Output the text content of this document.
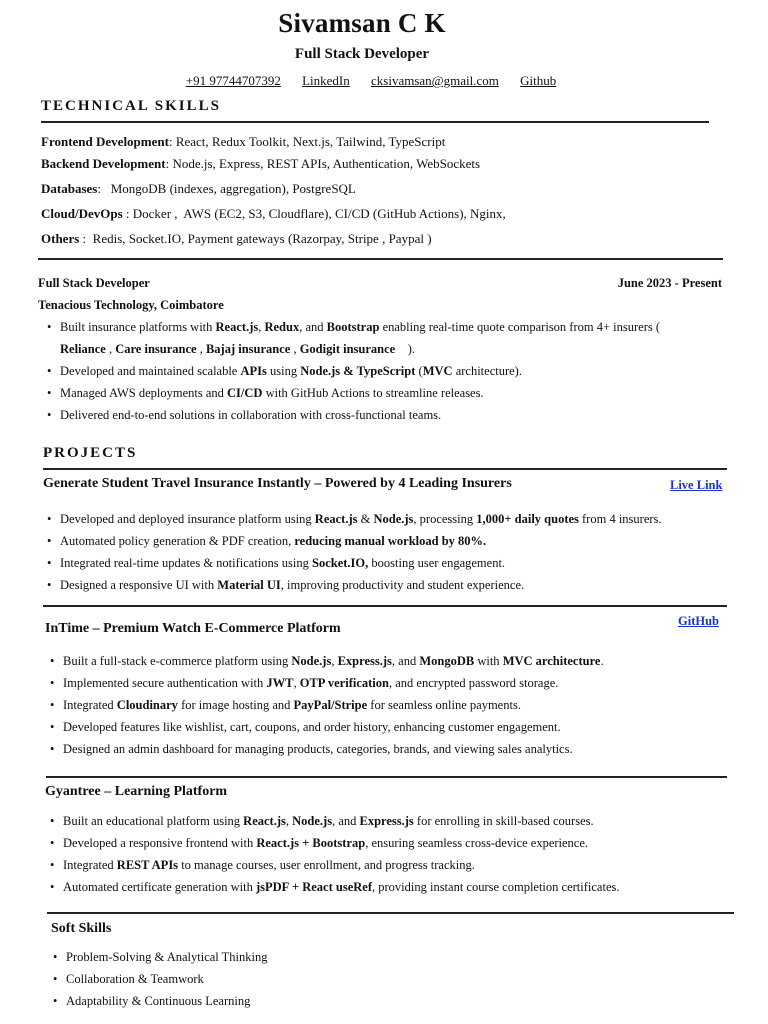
Sivamsan C K
Full Stack Developer
+91 97744707392 LinkedIn cksivamsan@gmail.com Github
TECHNICAL SKILLS
Frontend Development: React, Redux Toolkit, Next.js, Tailwind, TypeScript
Backend Development: Node.js, Express, REST APIs, Authentication, WebSockets
Databases:   MongoDB (indexes, aggregation), PostgreSQL
Cloud/DevOps : Docker ,  AWS (EC2, S3, Cloudflare), CI/CD (GitHub Actions), Nginx,
Others :  Redis, Socket.IO, Payment gateways (Razorpay, Stripe , Paypal )
Full Stack Developer	June 2023 - Present
Tenacious Technology, Coimbatore
• Built insurance platforms with React.js, Redux, and Bootstrap enabling real-time quote comparison from 4+ insurers (
Reliance , Care insurance , Bajaj insurance , Godigit insurance    ).
• Developed and maintained scalable APIs using Node.js & TypeScript (MVC architecture).
• Managed AWS deployments and CI/CD with GitHub Actions to streamline releases.
• Delivered end-to-end solutions in collaboration with cross-functional teams.
PROJECTS
Generate Student Travel Insurance Instantly – Powered by 4 Leading Insurers	Live Link
• Developed and deployed insurance platform using React.js & Node.js, processing 1,000+ daily quotes from 4 insurers.
• Automated policy generation & PDF creation, reducing manual workload by 80%.
• Integrated real-time updates & notifications using Socket.IO, boosting user engagement.
• Designed a responsive UI with Material UI, improving productivity and student experience.
InTime – Premium Watch E-Commerce Platform	GitHub
• Built a full-stack e-commerce platform using Node.js, Express.js, and MongoDB with MVC architecture.
• Implemented secure authentication with JWT, OTP verification, and encrypted password storage.
• Integrated Cloudinary for image hosting and PayPal/Stripe for seamless online payments.
• Developed features like wishlist, cart, coupons, and order history, enhancing customer engagement.
• Designed an admin dashboard for managing products, categories, brands, and viewing sales analytics.
Gyantree – Learning Platform
• Built an educational platform using React.js, Node.js, and Express.js for enrolling in skill-based courses.
• Developed a responsive frontend with React.js + Bootstrap, ensuring seamless cross-device experience.
• Integrated REST APIs to manage courses, user enrollment, and progress tracking.
• Automated certificate generation with jsPDF + React useRef, providing instant course completion certificates.
Soft Skills
• Problem-Solving & Analytical Thinking
• Collaboration & Teamwork
• Adaptability & Continuous Learning
